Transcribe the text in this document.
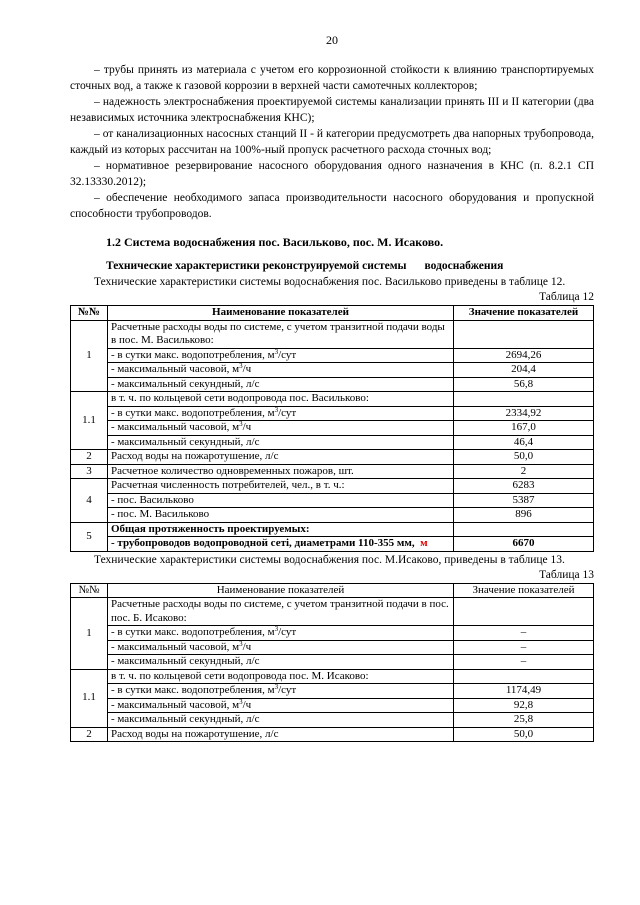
20

– трубы принять из материала с учетом его коррозионной стойкости к влиянию транспортируемых сточных вод, а также к газовой коррозии в верхней части самотечных коллекторов;

– надежность электроснабжения проектируемой системы канализации принять III и II категории (два независимых источника электроснабжения КНС);

– от канализационных насосных станций II - й категории предусмотреть два напорных трубопровода, каждый из которых рассчитан на 100%-ный пропуск расчетного расхода сточных вод;

– нормативное резервирование насосного оборудования одного назначения в КНС (п. 8.2.1 СП 32.13330.2012);

– обеспечение необходимого запаса производительности насосного оборудования и пропускной способности трубопроводов.

1.2 Система водоснабжения пос. Васильково, пос. М. Исаково.
Технические характеристики реконструируемой системы водоснабжения

Технические характеристики системы водоснабжения пос. Васильково приведены в таблице 12.

Таблица 12

№№	Наименование показателей	Значение показателей
1	Расчетные расходы воды по системе, с учетом транзитной подачи воды в пос. М. Васильково:	
	- в сутки макс. водопотребления, $м^3$/сут	2694,26
	- максимальный часовой, $м^3/ч$	204,4
	- максимальный секундный, л/с	56,8
1.1	в т. ч. по кольцевой сети водопровода пос. Васильково:	
	- в сутки макс. водопотребления, $м^3$/сут	2334,92
	- максимальный часовой, $м^3/ч$	167,0
	- максимальный секундный, л/с	46,4
2	Расход воды на пожаротушение, л/с	50,0
3	Расчетное количество одновременных пожаров, шт.	2
4	Расчетная численность потребителей, чел., в т. ч.:	6283
	- пос. Васильково	5387
	- пос. М. Васильково	896
5	Общая протяженность проектируемых:	
	- трубопроводов водопроводной сетi, диаметрами 110-355 мм, м	6670

Технические характеристики системы водоснабжения пос. М.Исаково, приведены в таблице 13.

Таблица 13

№№	Наименование показателей	Значение показателей
1	Расчетные расходы воды по системе, с учетом транзитной подачи в пос. пос. Б. Исаково:	
	- в сутки макс. водопотребления, $м^3$/сут	–
	- максимальный часовой, $м^3/ч$	–
	- максимальный секундный, л/с	–
1.1	в т. ч. по кольцевой сети водопровода пос. М. Исаково:	
	- в сутки макс. водопотребления, $м^3$/сут	1174,49
	- максимальный часовой, $м^3/ч$	92,8
	- максимальный секундный, л/с	25,8
2	Расход воды на пожаротушение, л/с	50,0
